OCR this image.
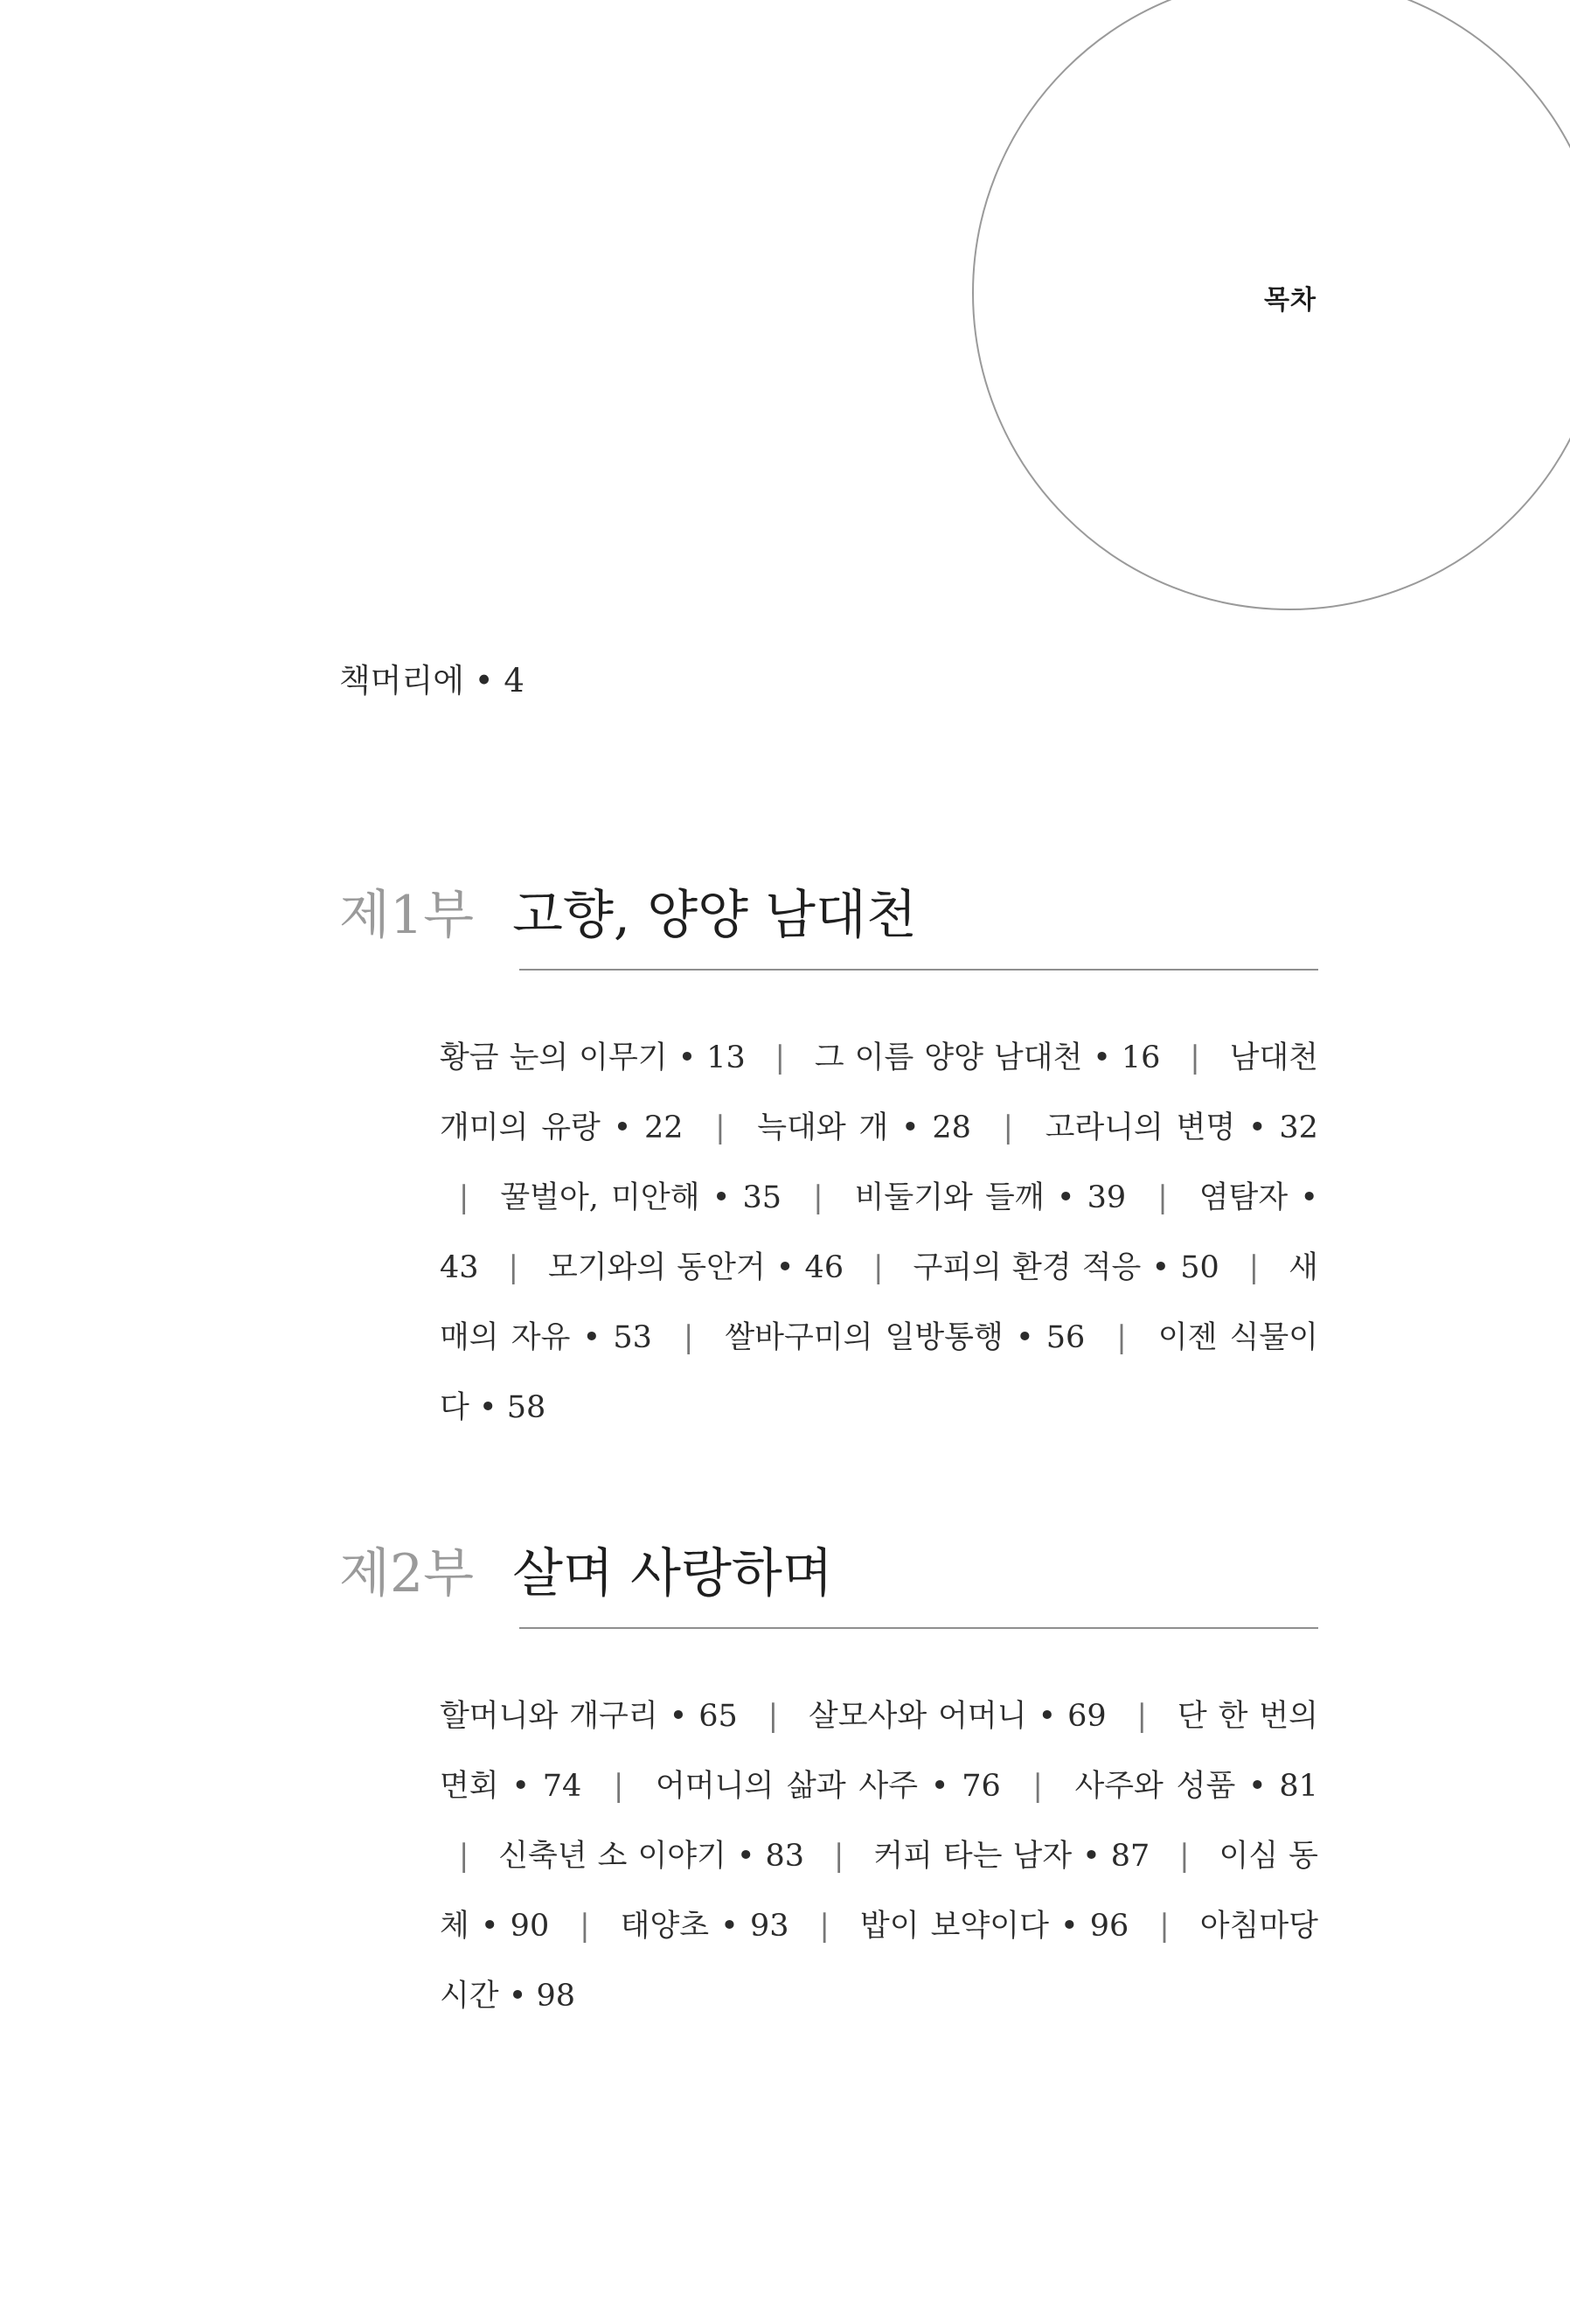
목차
책머리에 • 4
제1부 고향, 양양 남대천
황금 눈의 이무기 • 13 | 그 이름 양양 남대천 • 16 | 남대천 개미의 유랑 • 22 | 늑대와 개 • 28 | 고라니의 변명 • 32 | 꿀벌아, 미안해 • 35 | 비둘기와 들깨 • 39 | 염탐자 • 43 | 모기와의 동안거 • 46 | 구피의 환경 적응 • 50 | 새매의 자유 • 53 | 쌀바구미의 일방통행 • 56 | 이젠 식물이다 • 58
제2부 살며 사랑하며
할머니와 개구리 • 65 | 살모사와 어머니 • 69 | 단 한 번의 면회 • 74 | 어머니의 삶과 사주 • 76 | 사주와 성품 • 81 | 신축년 소 이야기 • 83 | 커피 타는 남자 • 87 | 이심 동체 • 90 | 태양초 • 93 | 밥이 보약이다 • 96 | 아침마당 시간 • 98
